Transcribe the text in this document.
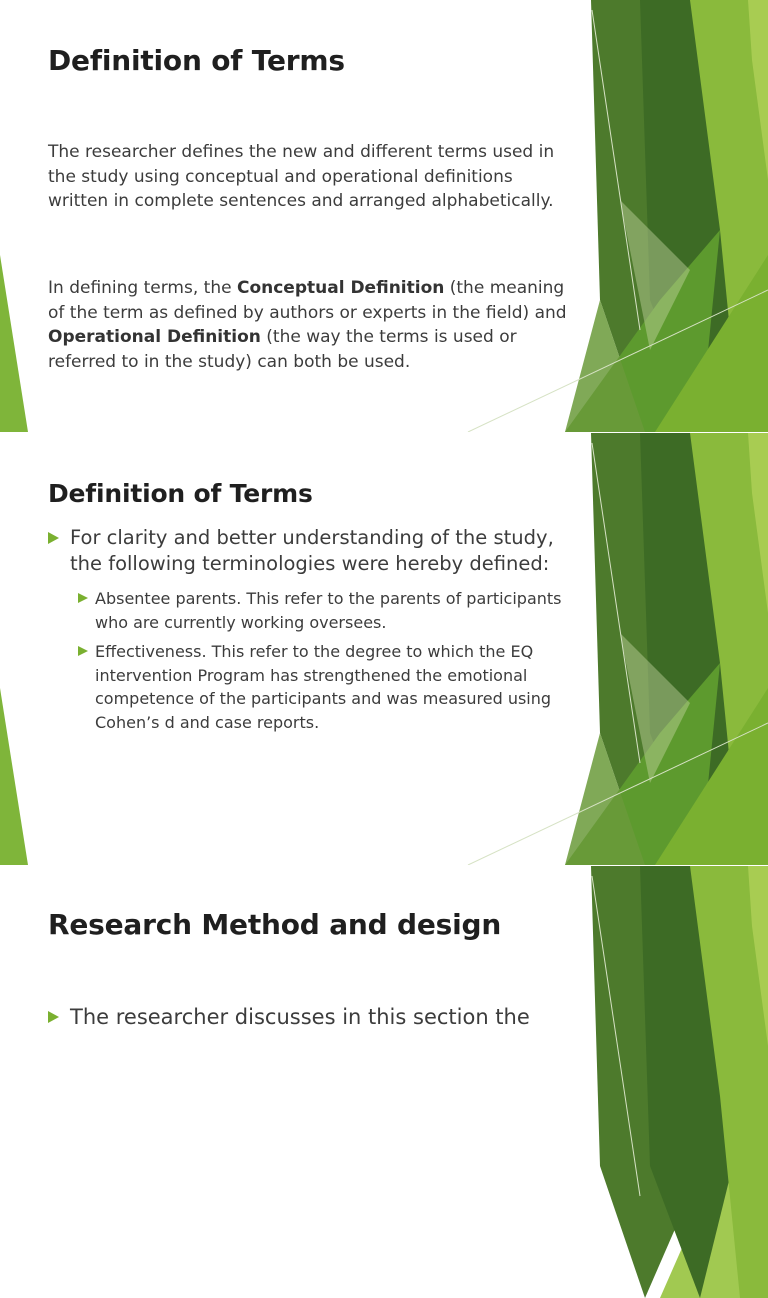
Definition of Terms

The researcher defines the new and different terms used in the study using conceptual and operational definitions written in complete sentences and arranged alphabetically.

In defining terms, the Conceptual Definition (the meaning of the term as defined by authors or experts in the field) and Operational Definition (the way the terms is used or referred to in the study) can both be used.

Definition of Terms
For clarity and better understanding of the study, the following terminologies were hereby defined:
Absentee parents. This refer to the parents of participants who are currently working oversees.
Effectiveness. This refer to the degree to which the EQ intervention Program has strengthened the emotional competence of the participants and was measured using Cohen’s d and case reports.
Research Method and design
The researcher discusses in this section the
